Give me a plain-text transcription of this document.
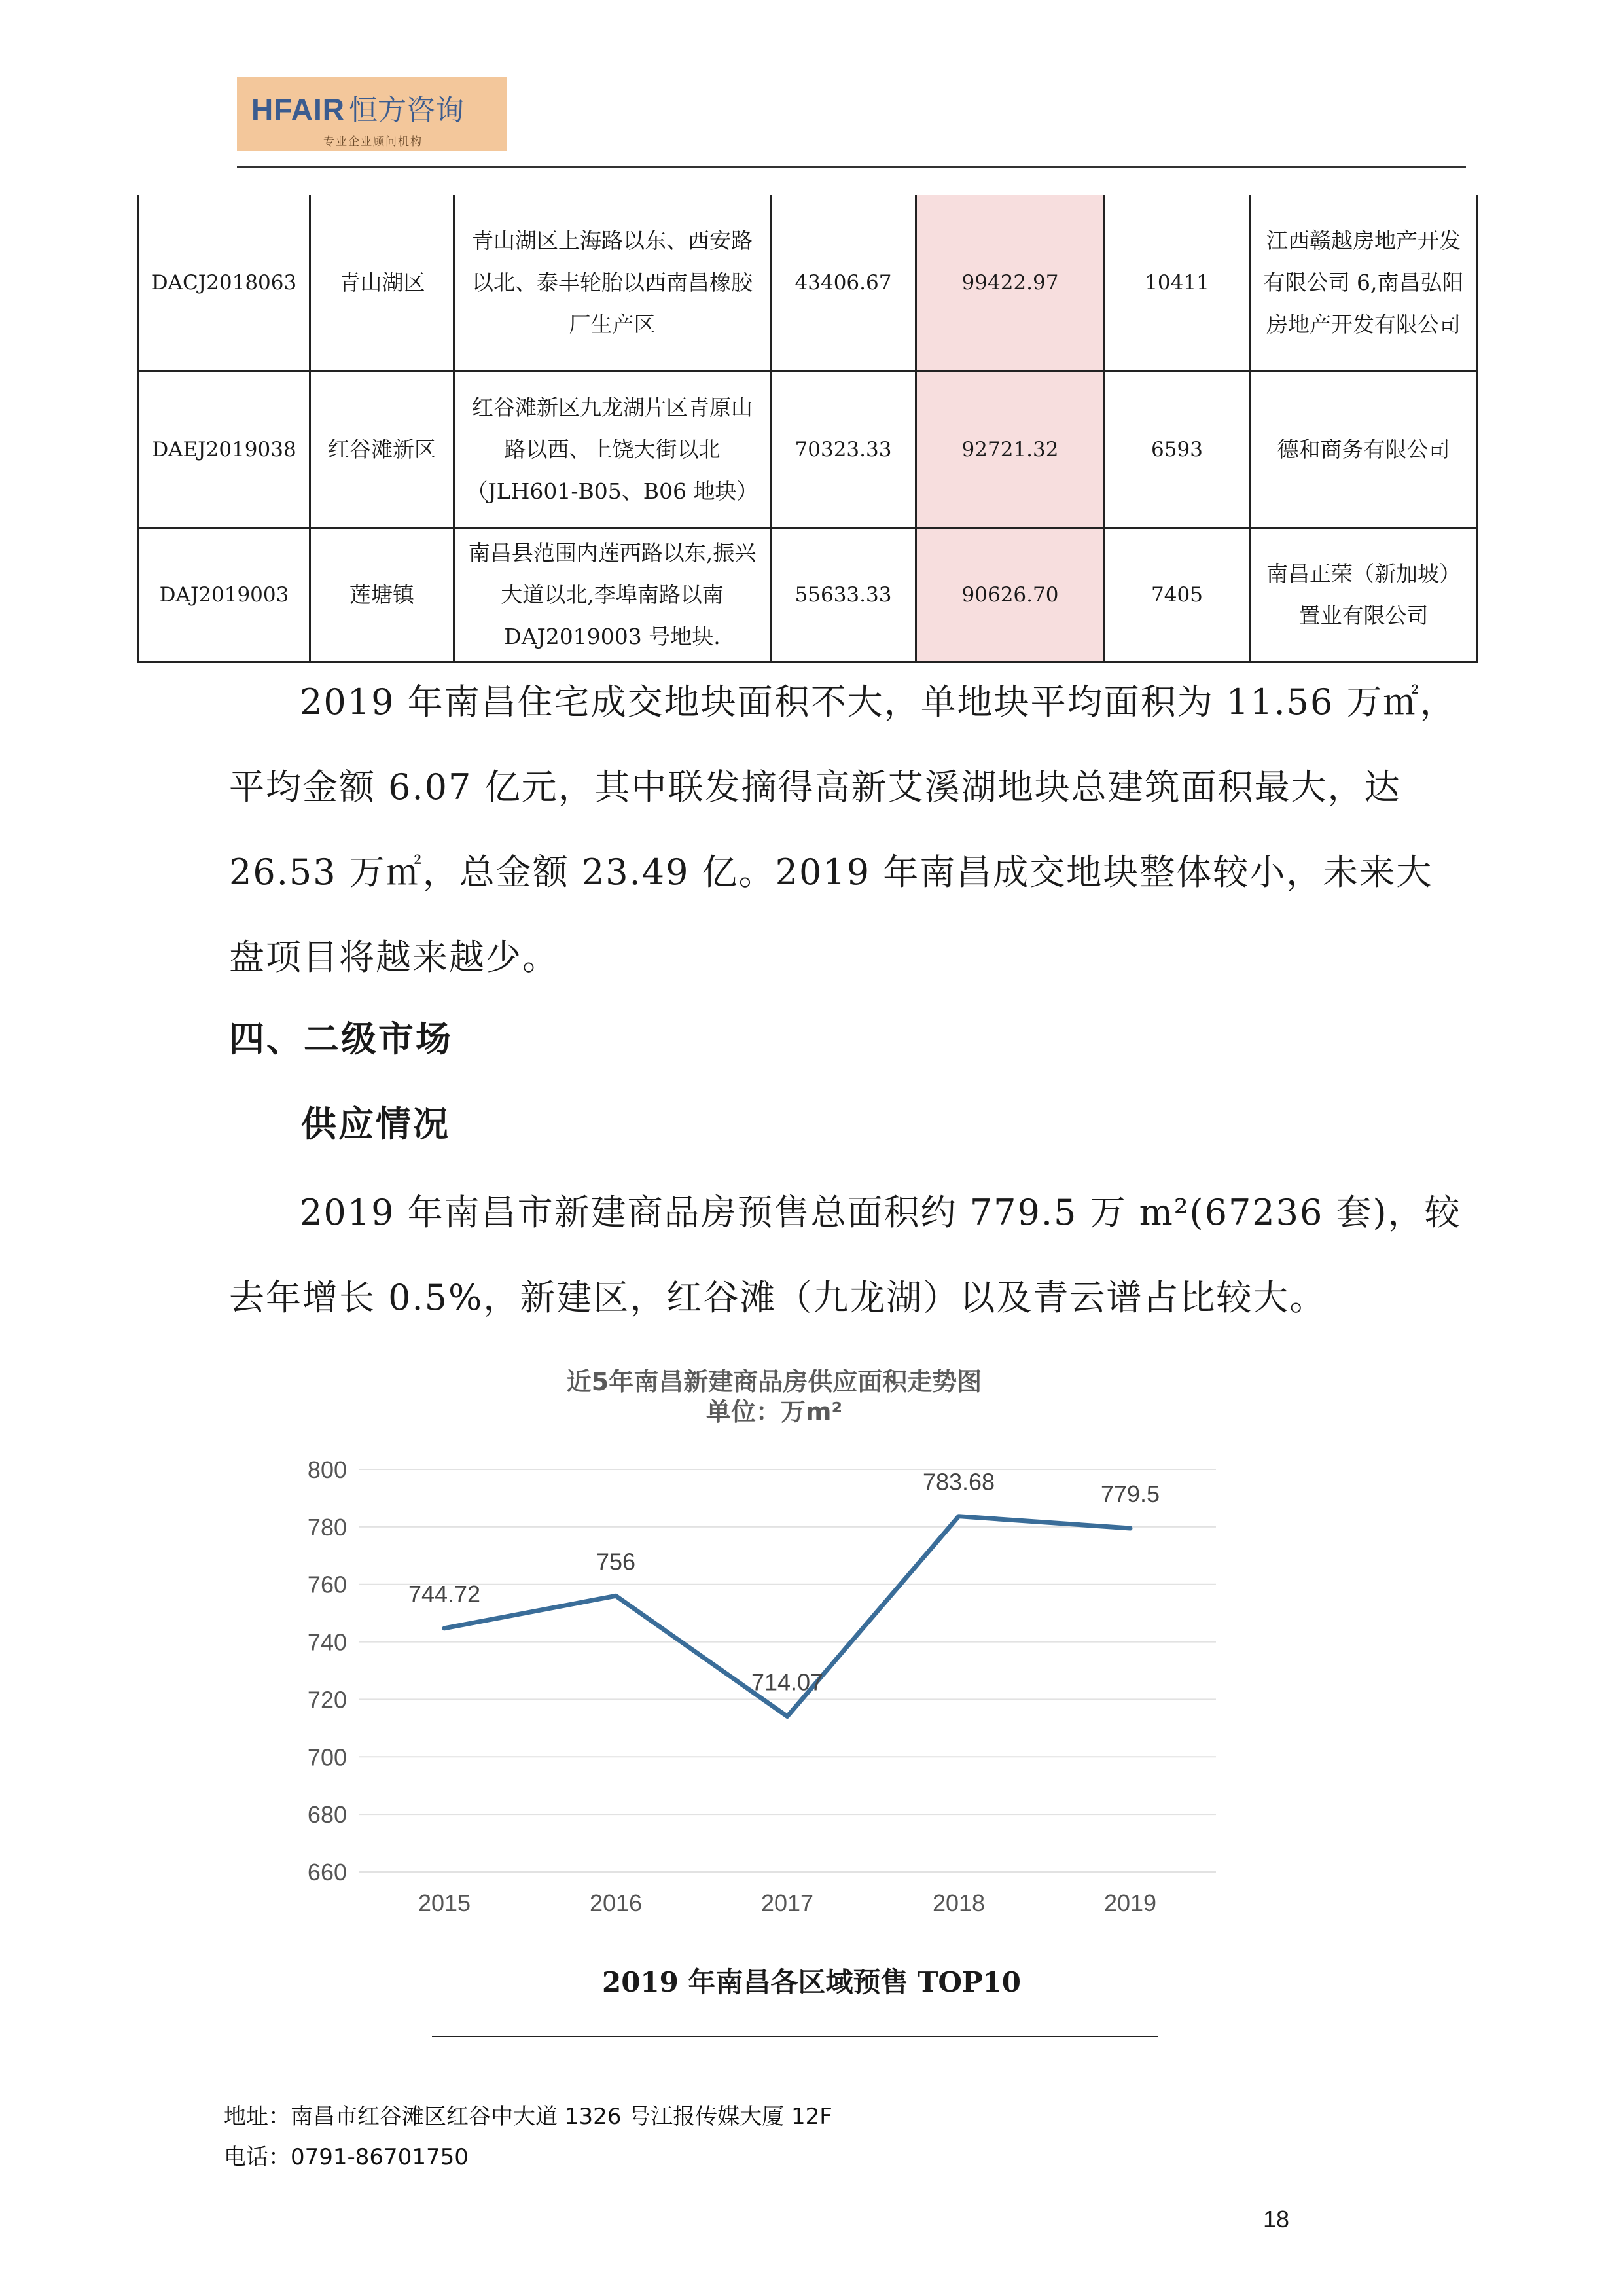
HFAIR 恒方咨询
专业企业顾问机构
DACJ2018063	青山湖区	青山湖区上海路以东、西安路以北、泰丰轮胎以西南昌橡胶厂生产区	43406.67	99422.97	10411	江西赣越房地产开发有限公司 6,南昌弘阳房地产开发有限公司
DAEJ2019038	红谷滩新区	红谷滩新区九龙湖片区青原山路以西、上饶大街以北（JLH601-B05、B06 地块）	70323.33	92721.32	6593	德和商务有限公司
DAJ2019003	莲塘镇	南昌县范围内莲西路以东,振兴大道以北,李埠南路以南 DAJ2019003 号地块.	55633.33	90626.70	7405	南昌正荣（新加坡）置业有限公司

2019 年南昌住宅成交地块面积不大，单地块平均面积为 11.56 万㎡，平均金额 6.07 亿元，其中联发摘得高新艾溪湖地块总建筑面积最大，达 26.53 万㎡，总金额 23.49 亿。2019 年南昌成交地块整体较小，未来大盘项目将越来越少。

四、二级市场
供应情况

2019 年南昌市新建商品房预售总面积约 779.5 万 m²(67236 套)，较去年增长 0.5%，新建区，红谷滩（九龙湖）以及青云谱占比较大。

近5年南昌新建商品房供应面积走势图
单位：万m²
660
680
700
720
740
760
780
800
2015	2016	2017	2018	2019
744.72
756
714.07
783.68	779.5
2019 年南昌各区域预售 TOP10
地址：南昌市红谷滩区红谷中大道 1326 号江报传媒大厦 12F
电话：0791-86701750
18
